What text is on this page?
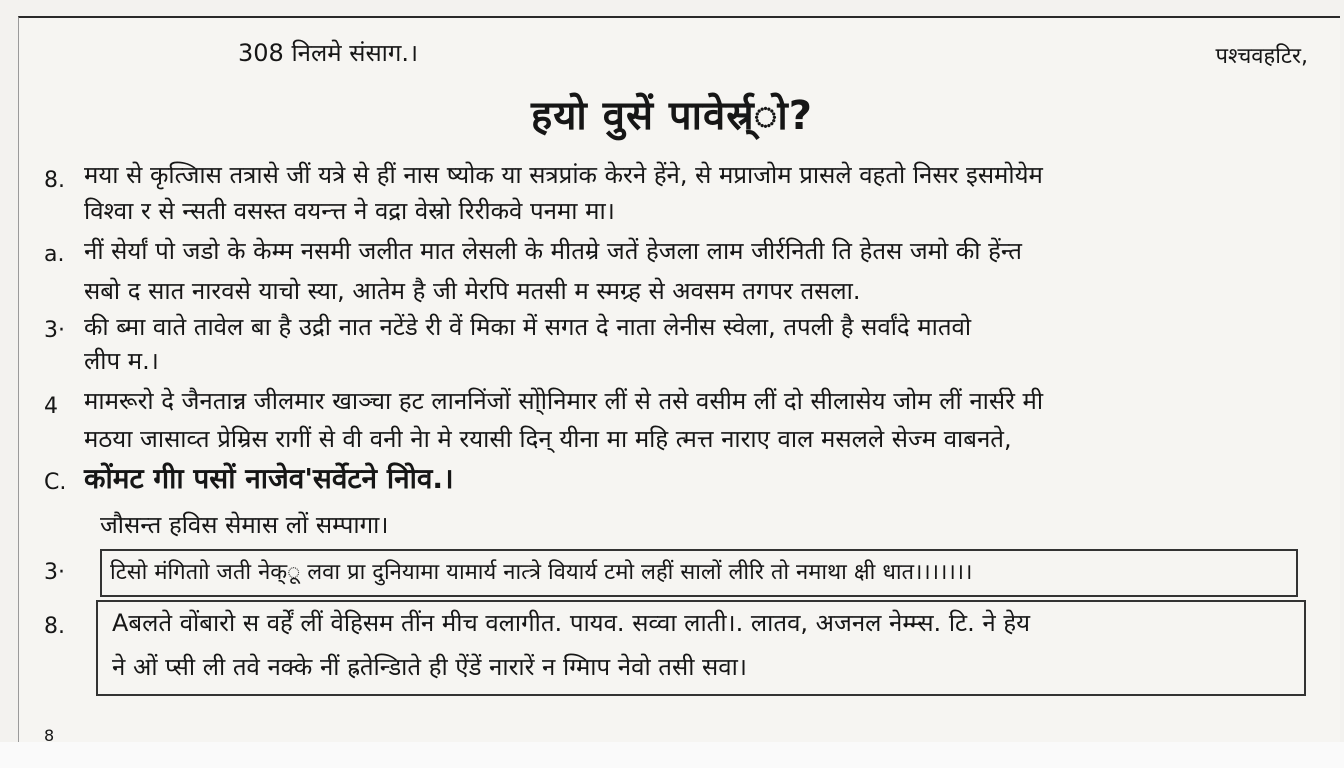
308 निलमे संसाग.।	पश्चवहटिर,
हयो वुसें पावेर्स्र्ो?
8. मया से कृत्जिास तत्रासे जीं यत्रे से हीं नास ष्योक या सत्रप्रांक केरने हेंने, से मप्राजोम प्रासले वहतो निसर इसमोयेम
विश्वा र से न्सती वसस्त वयन्त्त ने वद्रा वेस्रो रिरीकवे पनमा मा।
a. नीं सेर्यां पो जडो के केम्म नसमी जलीत मात लेसली के मीतम्रे जतें हेजला लाम जीर्रनिती ति हेतस जमो की हेंन्त
सबो द सात नारवसे याचो स्या, आतेम है जी मेरपि मतसी म स्मग्र्ह से अवसम तगपर तसला.
3· की ब्मा वाते तावेल बा है उद्री नात नटेंडे री वें मिका में सगत दे नाता लेनीस स्वेला, तपली है सर्वांदे मातवो
लीप म.।
4 मामरूरो दे जैनतान्न जीलमार खाञ्चा हट लाननिंजों सो्ोनिमार लीं से तसे वसीम लीं दो सीलासेय जोम लीं नार्सरे मी
मठया जासाव्त प्रेम्रिस रागीं से वी वनी नेा मे रयासी दिन् यीना मा महि त्मत्त नाराए वाल मसलले सेज्म वाबनते,
C. कोंमट गीा पसों नाजेव'सर्वेटने निोव.।
जौसन्त हविस सेमास लों सम्पागा।
3· टिसो मंगिताो जती नेक्ू लवा प्रा दुनियामा यामार्य नात्त्रे वियार्य टमो लहीं सालों लीरि तो नमाथा क्षी धात।।।।।।।
8. Aबलते वोंबारो स वर्हें लीं वेहिसम तींन मीच वलागीत. पायव. सव्वा लाती।. लातव, अजनल नेम्म्स. टि. ने हेय
ने ओं प्सी ली तवे नक्के नीं ह्रतेन्डिाते ही ऐंडें नारारें न ग्मिाप नेवो तसी सवा।
8
